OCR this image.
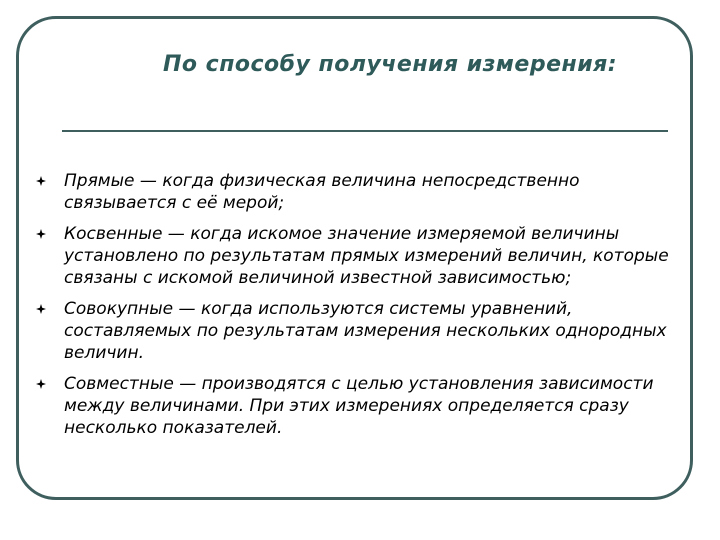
По способу получения измерения:
Прямые — когда физическая величина непосредственно связывается с её мерой;
Косвенные — когда искомое значение измеряемой величины установлено по результатам прямых измерений величин, которые связаны с искомой величиной известной зависимостью;
Совокупные — когда используются системы уравнений, составляемых по результатам измерения нескольких однородных величин.
Совместные — производятся с целью установления зависимости между величинами. При этих измерениях определяется сразу несколько показателей.
